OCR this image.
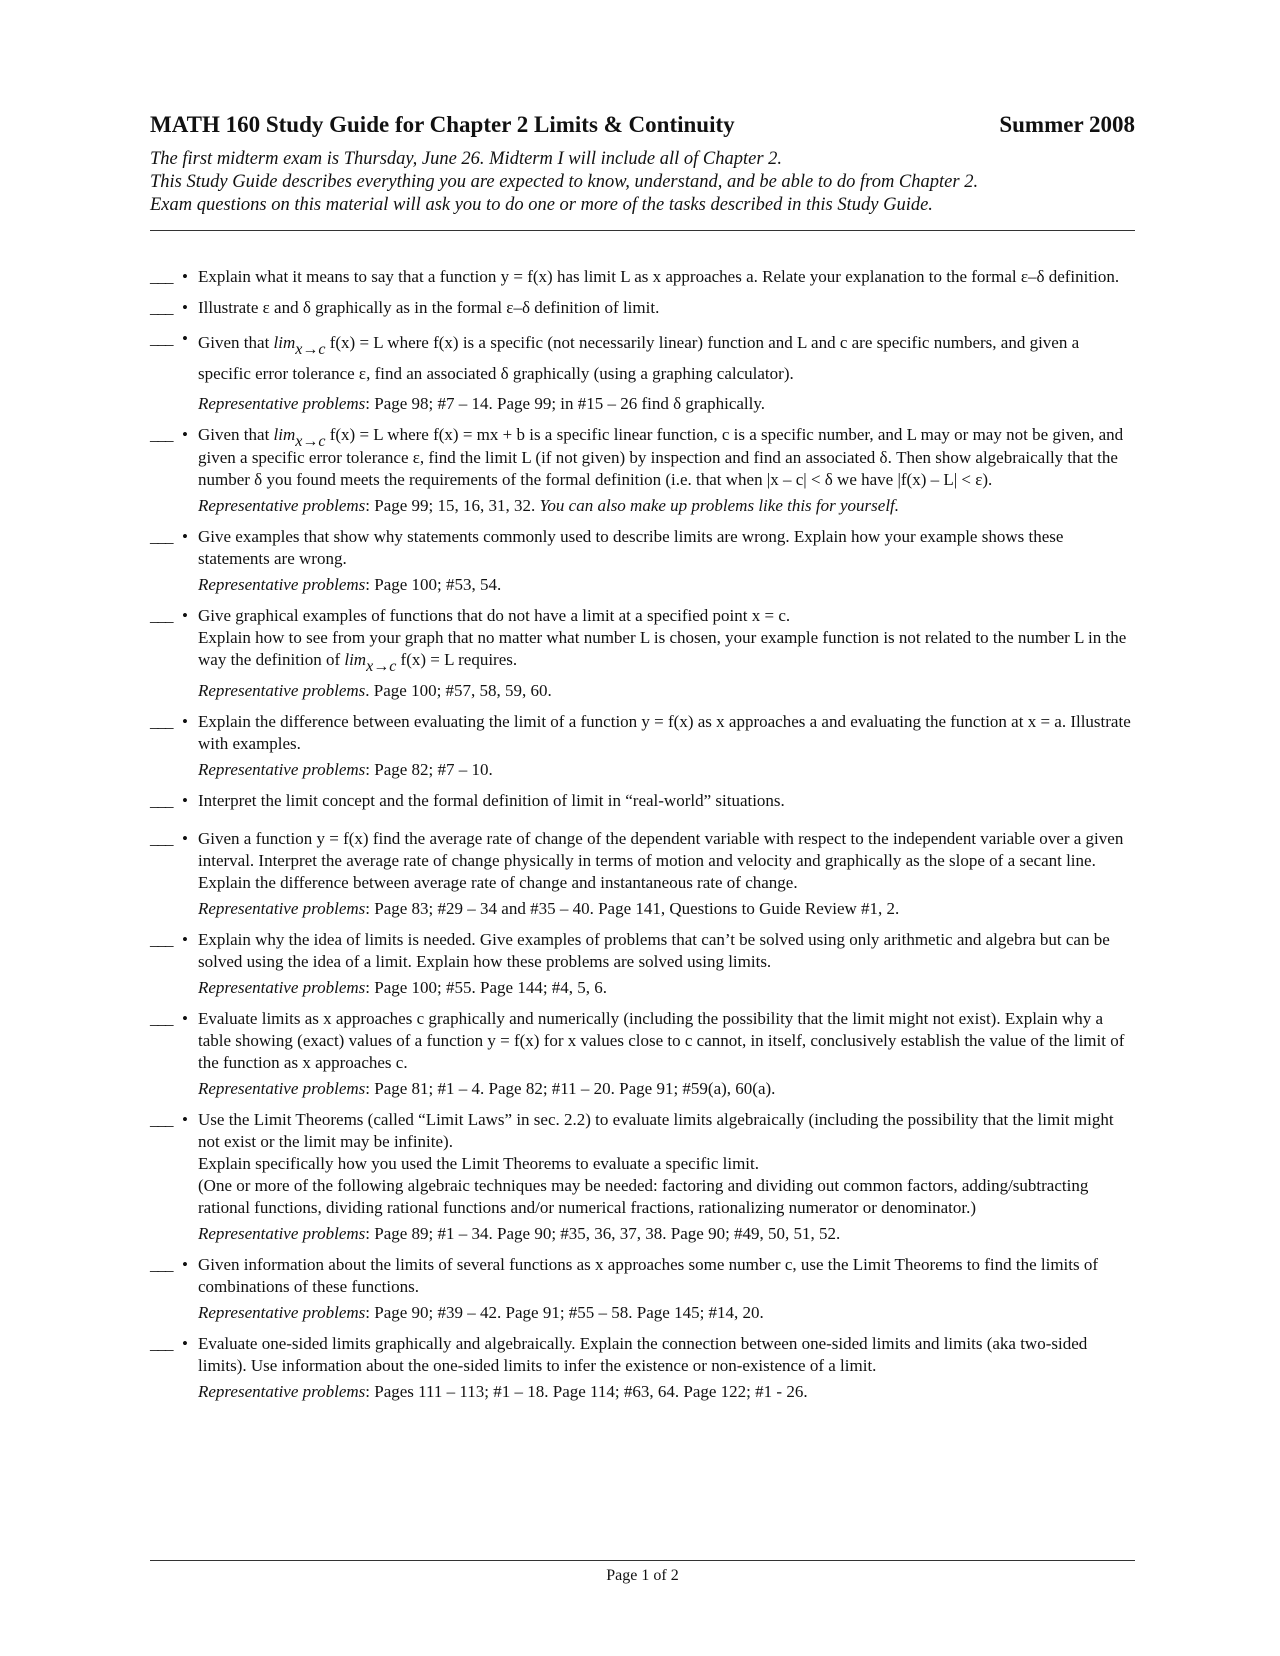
MATH 160 Study Guide for Chapter 2 Limits & Continuity	Summer 2008
The first midterm exam is Thursday, June 26. Midterm I will include all of Chapter 2.
This Study Guide describes everything you are expected to know, understand, and be able to do from Chapter 2.
Exam questions on this material will ask you to do one or more of the tasks described in this Study Guide.
___ • Explain what it means to say that a function y = f(x) has limit L as x approaches a. Relate your explanation to the formal ε–δ definition.

___ • Illustrate ε and δ graphically as in the formal ε–δ definition of limit.

___ • Given that limx→c f(x) = L where f(x) is a specific (not necessarily linear) function and L and c are specific numbers, and given a specific error tolerance ε, find an associated δ graphically (using a graphing calculator).

Representative problems: Page 98; #7 – 14. Page 99; in #15 – 26 find δ graphically.

___ • Given that limx→c f(x) = L where f(x) = mx + b is a specific linear function, c is a specific number, and L may or may not be given, and given a specific error tolerance ε, find the limit L (if not given) by inspection and find an associated δ. Then show algebraically that the number δ you found meets the requirements of the formal definition (i.e. that when |x – c| < δ we have |f(x) – L| < ε).

Representative problems: Page 99; 15, 16, 31, 32. You can also make up problems like this for yourself.

___ • Give examples that show why statements commonly used to describe limits are wrong. Explain how your example shows these statements are wrong.

Representative problems: Page 100; #53, 54.

___ • Give graphical examples of functions that do not have a limit at a specified point x = c.

Explain how to see from your graph that no matter what number L is chosen, your example function is not related to the number L in the way the definition of limx→c f(x) = L requires.

Representative problems. Page 100; #57, 58, 59, 60.

___ • Explain the difference between evaluating the limit of a function y = f(x) as x approaches a and evaluating the function at x = a. Illustrate with examples.

Representative problems: Page 82; #7 – 10.

___ • Interpret the limit concept and the formal definition of limit in “real-world” situations.

___ • Given a function y = f(x) find the average rate of change of the dependent variable with respect to the independent variable over a given interval. Interpret the average rate of change physically in terms of motion and velocity and graphically as the slope of a secant line. Explain the difference between average rate of change and instantaneous rate of change.

Representative problems: Page 83; #29 – 34 and #35 – 40. Page 141, Questions to Guide Review #1, 2.

___ • Explain why the idea of limits is needed. Give examples of problems that can’t be solved using only arithmetic and algebra but can be solved using the idea of a limit. Explain how these problems are solved using limits.

Representative problems: Page 100; #55. Page 144; #4, 5, 6.

___ • Evaluate limits as x approaches c graphically and numerically (including the possibility that the limit might not exist). Explain why a table showing (exact) values of a function y = f(x) for x values close to c cannot, in itself, conclusively establish the value of the limit of the function as x approaches c.

Representative problems: Page 81; #1 – 4. Page 82; #11 – 20. Page 91; #59(a), 60(a).

___ • Use the Limit Theorems (called “Limit Laws” in sec. 2.2) to evaluate limits algebraically (including the possibility that the limit might not exist or the limit may be infinite).

Explain specifically how you used the Limit Theorems to evaluate a specific limit.

(One or more of the following algebraic techniques may be needed: factoring and dividing out common factors, adding/subtracting rational functions, dividing rational functions and/or numerical fractions, rationalizing numerator or denominator.)

Representative problems: Page 89; #1 – 34. Page 90; #35, 36, 37, 38. Page 90; #49, 50, 51, 52.

___ • Given information about the limits of several functions as x approaches some number c, use the Limit Theorems to find the limits of combinations of these functions.

Representative problems: Page 90; #39 – 42. Page 91; #55 – 58. Page 145; #14, 20.

___ • Evaluate one-sided limits graphically and algebraically. Explain the connection between one-sided limits and limits (aka two-sided limits). Use information about the one-sided limits to infer the existence or non-existence of a limit.

Representative problems: Pages 111 – 113; #1 – 18. Page 114; #63, 64. Page 122; #1 - 26.

Page 1 of 2
